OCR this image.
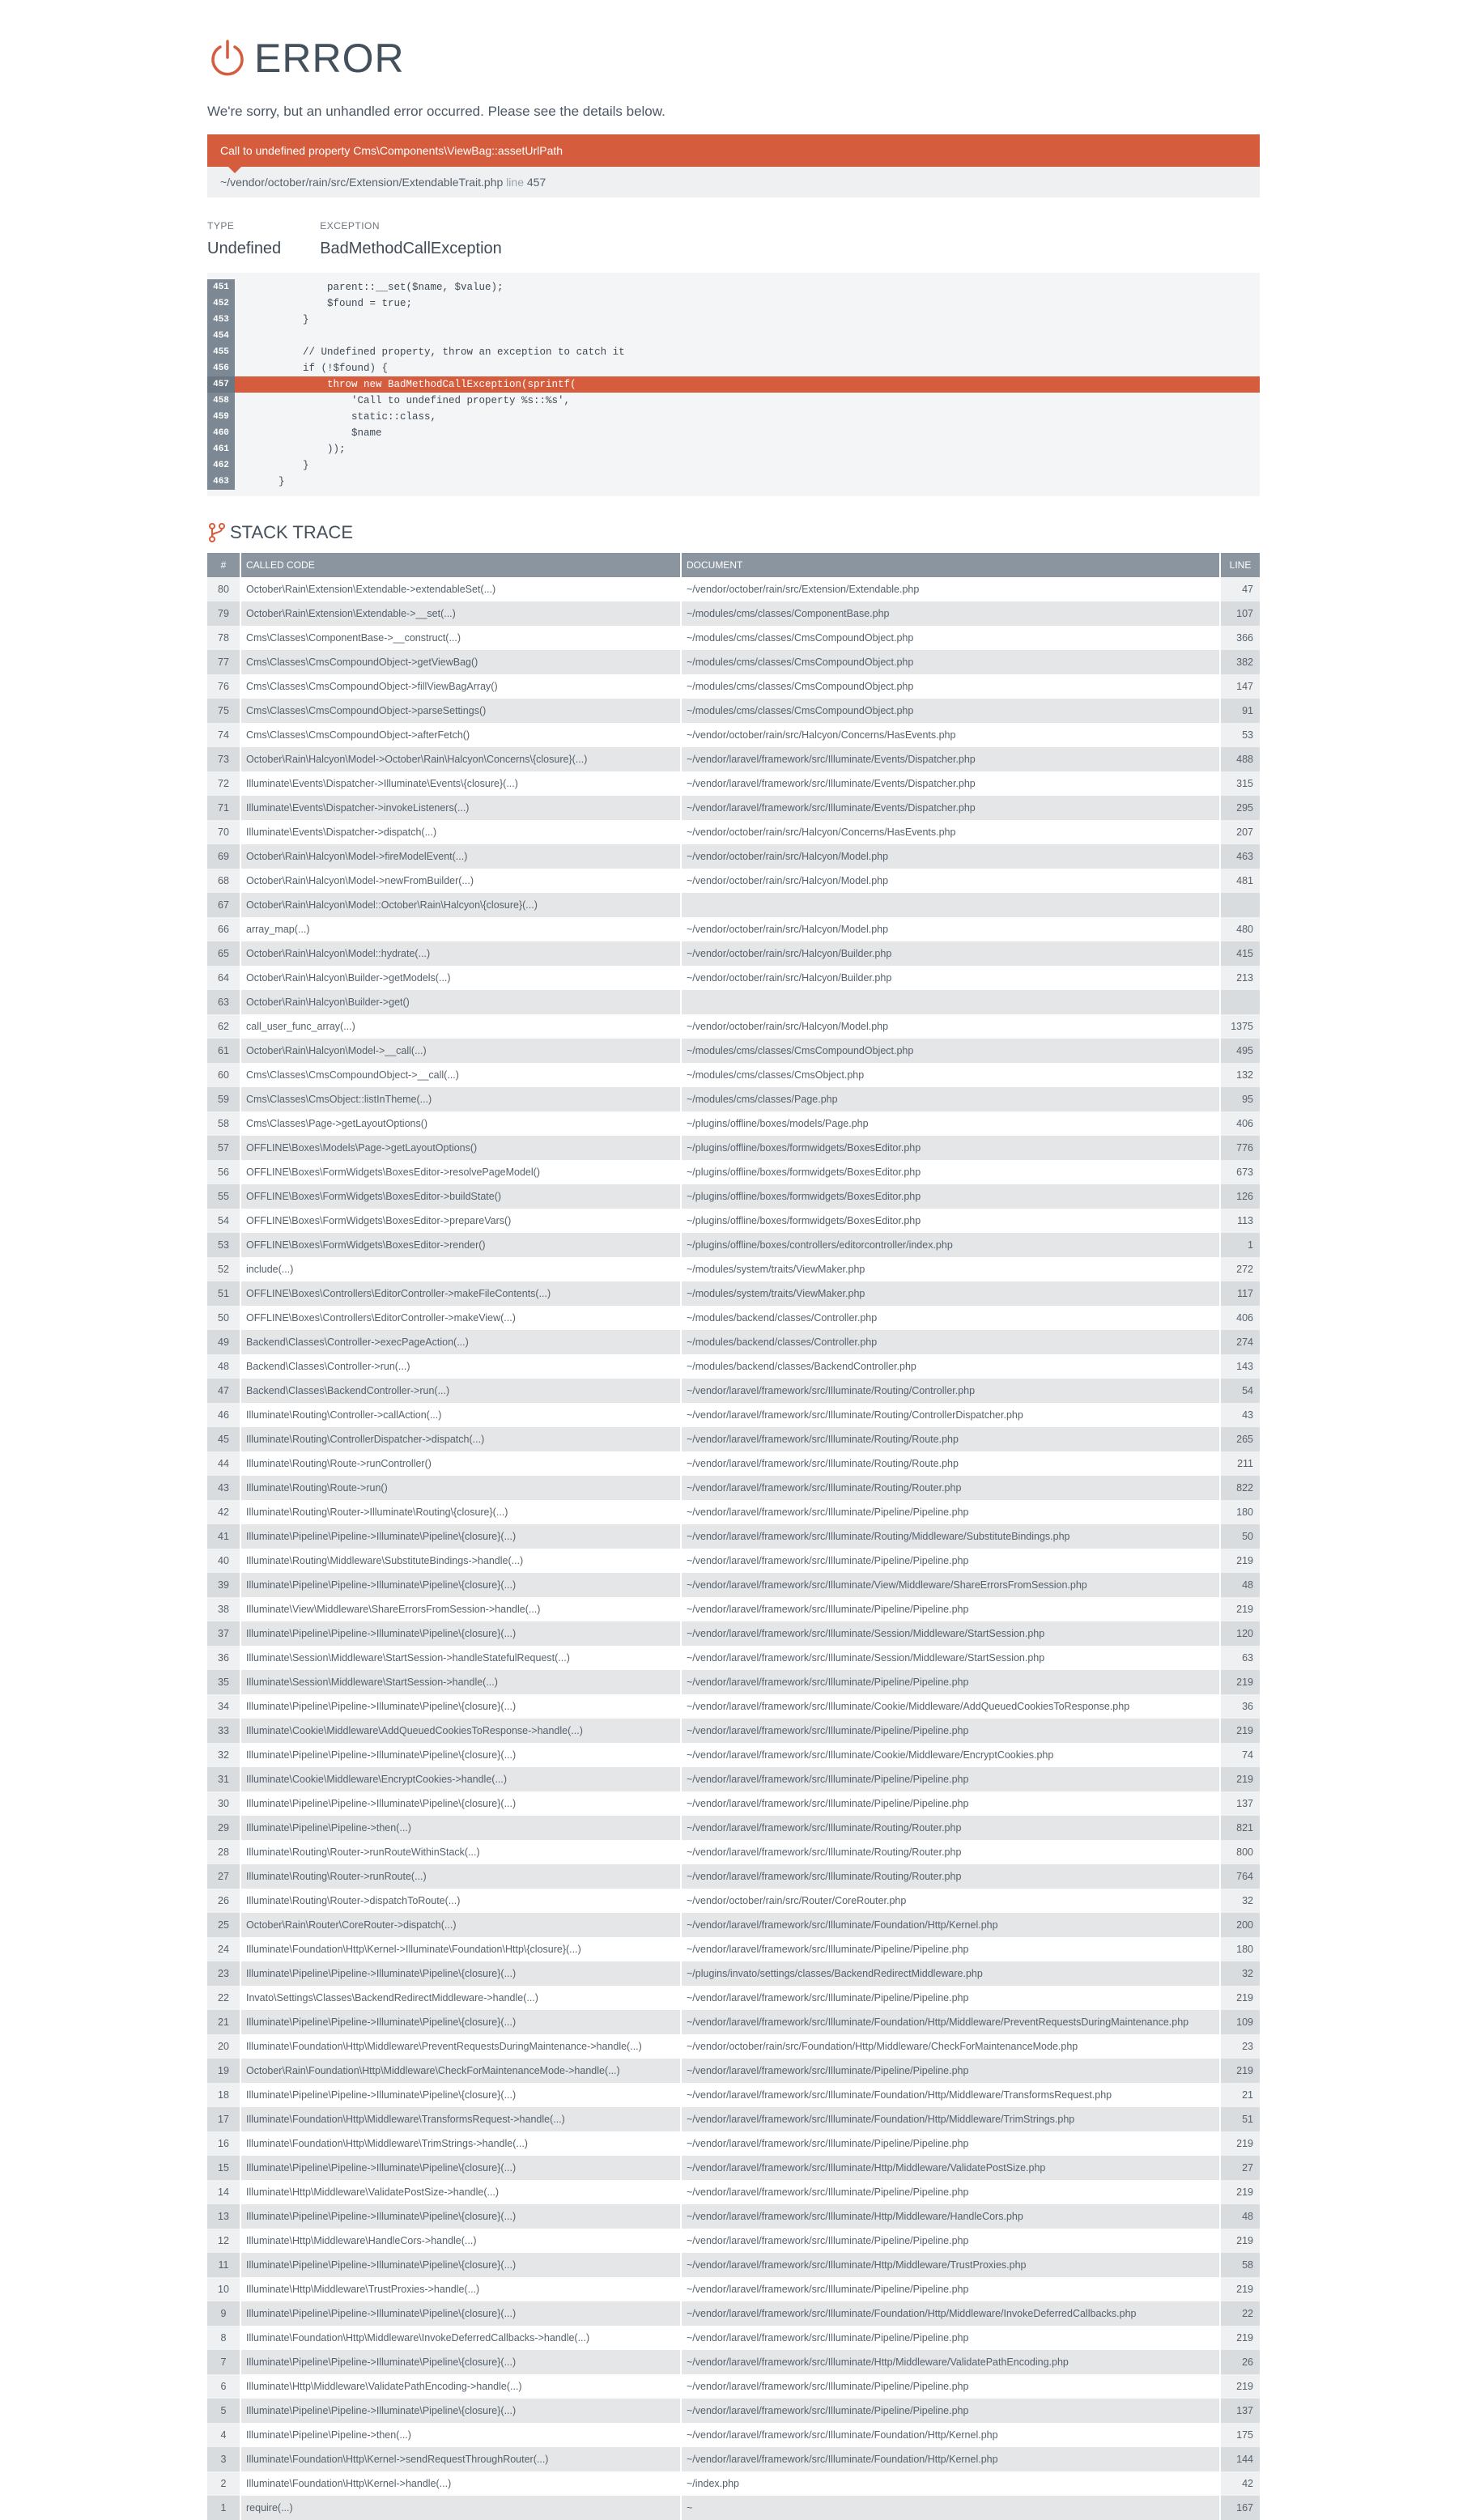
ERROR
We're sorry, but an unhandled error occurred. Please see the details below.
Call to undefined property Cms\Components\ViewBag::assetUrlPath
~/vendor/october/rain/src/Extension/ExtendableTrait.php line 457
TYPE
Undefined
EXCEPTION
BadMethodCallException
451	parent::__set($name, $value);
452	$found = true;
453	}
454
455	// Undefined property, throw an exception to catch it
456	if (!$found) {
457	throw new BadMethodCallException(sprintf(
458	'Call to undefined property %s::%s',
459	static::class,
460	$name
461	));
462	}
463	}
STACK TRACE
#	CALLED CODE	DOCUMENT	LINE
80	October\Rain\Extension\Extendable->extendableSet(...)	~/vendor/october/rain/src/Extension/Extendable.php	47
79	October\Rain\Extension\Extendable->__set(...)	~/modules/cms/classes/ComponentBase.php	107
78	Cms\Classes\ComponentBase->__construct(...)	~/modules/cms/classes/CmsCompoundObject.php	366
77	Cms\Classes\CmsCompoundObject->getViewBag()	~/modules/cms/classes/CmsCompoundObject.php	382
76	Cms\Classes\CmsCompoundObject->fillViewBagArray()	~/modules/cms/classes/CmsCompoundObject.php	147
75	Cms\Classes\CmsCompoundObject->parseSettings()	~/modules/cms/classes/CmsCompoundObject.php	91
74	Cms\Classes\CmsCompoundObject->afterFetch()	~/vendor/october/rain/src/Halcyon/Concerns/HasEvents.php	53
73	October\Rain\Halcyon\Model->October\Rain\Halcyon\Concerns\{closure}(...)	~/vendor/laravel/framework/src/Illuminate/Events/Dispatcher.php	488
72	Illuminate\Events\Dispatcher->Illuminate\Events\{closure}(...)	~/vendor/laravel/framework/src/Illuminate/Events/Dispatcher.php	315
71	Illuminate\Events\Dispatcher->invokeListeners(...)	~/vendor/laravel/framework/src/Illuminate/Events/Dispatcher.php	295
70	Illuminate\Events\Dispatcher->dispatch(...)	~/vendor/october/rain/src/Halcyon/Concerns/HasEvents.php	207
69	October\Rain\Halcyon\Model->fireModelEvent(...)	~/vendor/october/rain/src/Halcyon/Model.php	463
68	October\Rain\Halcyon\Model->newFromBuilder(...)	~/vendor/october/rain/src/Halcyon/Model.php	481
67	October\Rain\Halcyon\Model::October\Rain\Halcyon\{closure}(...)		
66	array_map(...)	~/vendor/october/rain/src/Halcyon/Model.php	480
65	October\Rain\Halcyon\Model::hydrate(...)	~/vendor/october/rain/src/Halcyon/Builder.php	415
64	October\Rain\Halcyon\Builder->getModels(...)	~/vendor/october/rain/src/Halcyon/Builder.php	213
63	October\Rain\Halcyon\Builder->get()		
62	call_user_func_array(...)	~/vendor/october/rain/src/Halcyon/Model.php	1375
61	October\Rain\Halcyon\Model->__call(...)	~/modules/cms/classes/CmsCompoundObject.php	495
60	Cms\Classes\CmsCompoundObject->__call(...)	~/modules/cms/classes/CmsObject.php	132
59	Cms\Classes\CmsObject::listInTheme(...)	~/modules/cms/classes/Page.php	95
58	Cms\Classes\Page->getLayoutOptions()	~/plugins/offline/boxes/models/Page.php	406
57	OFFLINE\Boxes\Models\Page->getLayoutOptions()	~/plugins/offline/boxes/formwidgets/BoxesEditor.php	776
56	OFFLINE\Boxes\FormWidgets\BoxesEditor->resolvePageModel()	~/plugins/offline/boxes/formwidgets/BoxesEditor.php	673
55	OFFLINE\Boxes\FormWidgets\BoxesEditor->buildState()	~/plugins/offline/boxes/formwidgets/BoxesEditor.php	126
54	OFFLINE\Boxes\FormWidgets\BoxesEditor->prepareVars()	~/plugins/offline/boxes/formwidgets/BoxesEditor.php	113
53	OFFLINE\Boxes\FormWidgets\BoxesEditor->render()	~/plugins/offline/boxes/controllers/editorcontroller/index.php	1
52	include(...)	~/modules/system/traits/ViewMaker.php	272
51	OFFLINE\Boxes\Controllers\EditorController->makeFileContents(...)	~/modules/system/traits/ViewMaker.php	117
50	OFFLINE\Boxes\Controllers\EditorController->makeView(...)	~/modules/backend/classes/Controller.php	406
49	Backend\Classes\Controller->execPageAction(...)	~/modules/backend/classes/Controller.php	274
48	Backend\Classes\Controller->run(...)	~/modules/backend/classes/BackendController.php	143
47	Backend\Classes\BackendController->run(...)	~/vendor/laravel/framework/src/Illuminate/Routing/Controller.php	54
46	Illuminate\Routing\Controller->callAction(...)	~/vendor/laravel/framework/src/Illuminate/Routing/ControllerDispatcher.php	43
45	Illuminate\Routing\ControllerDispatcher->dispatch(...)	~/vendor/laravel/framework/src/Illuminate/Routing/Route.php	265
44	Illuminate\Routing\Route->runController()	~/vendor/laravel/framework/src/Illuminate/Routing/Route.php	211
43	Illuminate\Routing\Route->run()	~/vendor/laravel/framework/src/Illuminate/Routing/Router.php	822
42	Illuminate\Routing\Router->Illuminate\Routing\{closure}(...)	~/vendor/laravel/framework/src/Illuminate/Pipeline/Pipeline.php	180
41	Illuminate\Pipeline\Pipeline->Illuminate\Pipeline\{closure}(...)	~/vendor/laravel/framework/src/Illuminate/Routing/Middleware/SubstituteBindings.php	50
40	Illuminate\Routing\Middleware\SubstituteBindings->handle(...)	~/vendor/laravel/framework/src/Illuminate/Pipeline/Pipeline.php	219
39	Illuminate\Pipeline\Pipeline->Illuminate\Pipeline\{closure}(...)	~/vendor/laravel/framework/src/Illuminate/View/Middleware/ShareErrorsFromSession.php	48
38	Illuminate\View\Middleware\ShareErrorsFromSession->handle(...)	~/vendor/laravel/framework/src/Illuminate/Pipeline/Pipeline.php	219
37	Illuminate\Pipeline\Pipeline->Illuminate\Pipeline\{closure}(...)	~/vendor/laravel/framework/src/Illuminate/Session/Middleware/StartSession.php	120
36	Illuminate\Session\Middleware\StartSession->handleStatefulRequest(...)	~/vendor/laravel/framework/src/Illuminate/Session/Middleware/StartSession.php	63
35	Illuminate\Session\Middleware\StartSession->handle(...)	~/vendor/laravel/framework/src/Illuminate/Pipeline/Pipeline.php	219
34	Illuminate\Pipeline\Pipeline->Illuminate\Pipeline\{closure}(...)	~/vendor/laravel/framework/src/Illuminate/Cookie/Middleware/AddQueuedCookiesToResponse.php	36
33	Illuminate\Cookie\Middleware\AddQueuedCookiesToResponse->handle(...)	~/vendor/laravel/framework/src/Illuminate/Pipeline/Pipeline.php	219
32	Illuminate\Pipeline\Pipeline->Illuminate\Pipeline\{closure}(...)	~/vendor/laravel/framework/src/Illuminate/Cookie/Middleware/EncryptCookies.php	74
31	Illuminate\Cookie\Middleware\EncryptCookies->handle(...)	~/vendor/laravel/framework/src/Illuminate/Pipeline/Pipeline.php	219
30	Illuminate\Pipeline\Pipeline->Illuminate\Pipeline\{closure}(...)	~/vendor/laravel/framework/src/Illuminate/Pipeline/Pipeline.php	137
29	Illuminate\Pipeline\Pipeline->then(...)	~/vendor/laravel/framework/src/Illuminate/Routing/Router.php	821
28	Illuminate\Routing\Router->runRouteWithinStack(...)	~/vendor/laravel/framework/src/Illuminate/Routing/Router.php	800
27	Illuminate\Routing\Router->runRoute(...)	~/vendor/laravel/framework/src/Illuminate/Routing/Router.php	764
26	Illuminate\Routing\Router->dispatchToRoute(...)	~/vendor/october/rain/src/Router/CoreRouter.php	32
25	October\Rain\Router\CoreRouter->dispatch(...)	~/vendor/laravel/framework/src/Illuminate/Foundation/Http/Kernel.php	200
24	Illuminate\Foundation\Http\Kernel->Illuminate\Foundation\Http\{closure}(...)	~/vendor/laravel/framework/src/Illuminate/Pipeline/Pipeline.php	180
23	Illuminate\Pipeline\Pipeline->Illuminate\Pipeline\{closure}(...)	~/plugins/invato/settings/classes/BackendRedirectMiddleware.php	32
22	Invato\Settings\Classes\BackendRedirectMiddleware->handle(...)	~/vendor/laravel/framework/src/Illuminate/Pipeline/Pipeline.php	219
21	Illuminate\Pipeline\Pipeline->Illuminate\Pipeline\{closure}(...)	~/vendor/laravel/framework/src/Illuminate/Foundation/Http/Middleware/PreventRequestsDuringMaintenance.php	109
20	Illuminate\Foundation\Http\Middleware\PreventRequestsDuringMaintenance->handle(...)	~/vendor/october/rain/src/Foundation/Http/Middleware/CheckForMaintenanceMode.php	23
19	October\Rain\Foundation\Http\Middleware\CheckForMaintenanceMode->handle(...)	~/vendor/laravel/framework/src/Illuminate/Pipeline/Pipeline.php	219
18	Illuminate\Pipeline\Pipeline->Illuminate\Pipeline\{closure}(...)	~/vendor/laravel/framework/src/Illuminate/Foundation/Http/Middleware/TransformsRequest.php	21
17	Illuminate\Foundation\Http\Middleware\TransformsRequest->handle(...)	~/vendor/laravel/framework/src/Illuminate/Foundation/Http/Middleware/TrimStrings.php	51
16	Illuminate\Foundation\Http\Middleware\TrimStrings->handle(...)	~/vendor/laravel/framework/src/Illuminate/Pipeline/Pipeline.php	219
15	Illuminate\Pipeline\Pipeline->Illuminate\Pipeline\{closure}(...)	~/vendor/laravel/framework/src/Illuminate/Http/Middleware/ValidatePostSize.php	27
14	Illuminate\Http\Middleware\ValidatePostSize->handle(...)	~/vendor/laravel/framework/src/Illuminate/Pipeline/Pipeline.php	219
13	Illuminate\Pipeline\Pipeline->Illuminate\Pipeline\{closure}(...)	~/vendor/laravel/framework/src/Illuminate/Http/Middleware/HandleCors.php	48
12	Illuminate\Http\Middleware\HandleCors->handle(...)	~/vendor/laravel/framework/src/Illuminate/Pipeline/Pipeline.php	219
11	Illuminate\Pipeline\Pipeline->Illuminate\Pipeline\{closure}(...)	~/vendor/laravel/framework/src/Illuminate/Http/Middleware/TrustProxies.php	58
10	Illuminate\Http\Middleware\TrustProxies->handle(...)	~/vendor/laravel/framework/src/Illuminate/Pipeline/Pipeline.php	219
9	Illuminate\Pipeline\Pipeline->Illuminate\Pipeline\{closure}(...)	~/vendor/laravel/framework/src/Illuminate/Foundation/Http/Middleware/InvokeDeferredCallbacks.php	22
8	Illuminate\Foundation\Http\Middleware\InvokeDeferredCallbacks->handle(...)	~/vendor/laravel/framework/src/Illuminate/Pipeline/Pipeline.php	219
7	Illuminate\Pipeline\Pipeline->Illuminate\Pipeline\{closure}(...)	~/vendor/laravel/framework/src/Illuminate/Http/Middleware/ValidatePathEncoding.php	26
6	Illuminate\Http\Middleware\ValidatePathEncoding->handle(...)	~/vendor/laravel/framework/src/Illuminate/Pipeline/Pipeline.php	219
5	Illuminate\Pipeline\Pipeline->Illuminate\Pipeline\{closure}(...)	~/vendor/laravel/framework/src/Illuminate/Pipeline/Pipeline.php	137
4	Illuminate\Pipeline\Pipeline->then(...)	~/vendor/laravel/framework/src/Illuminate/Foundation/Http/Kernel.php	175
3	Illuminate\Foundation\Http\Kernel->sendRequestThroughRouter(...)	~/vendor/laravel/framework/src/Illuminate/Foundation/Http/Kernel.php	144
2	Illuminate\Foundation\Http\Kernel->handle(...)	~/index.php	42
1	require(...)	~	167
